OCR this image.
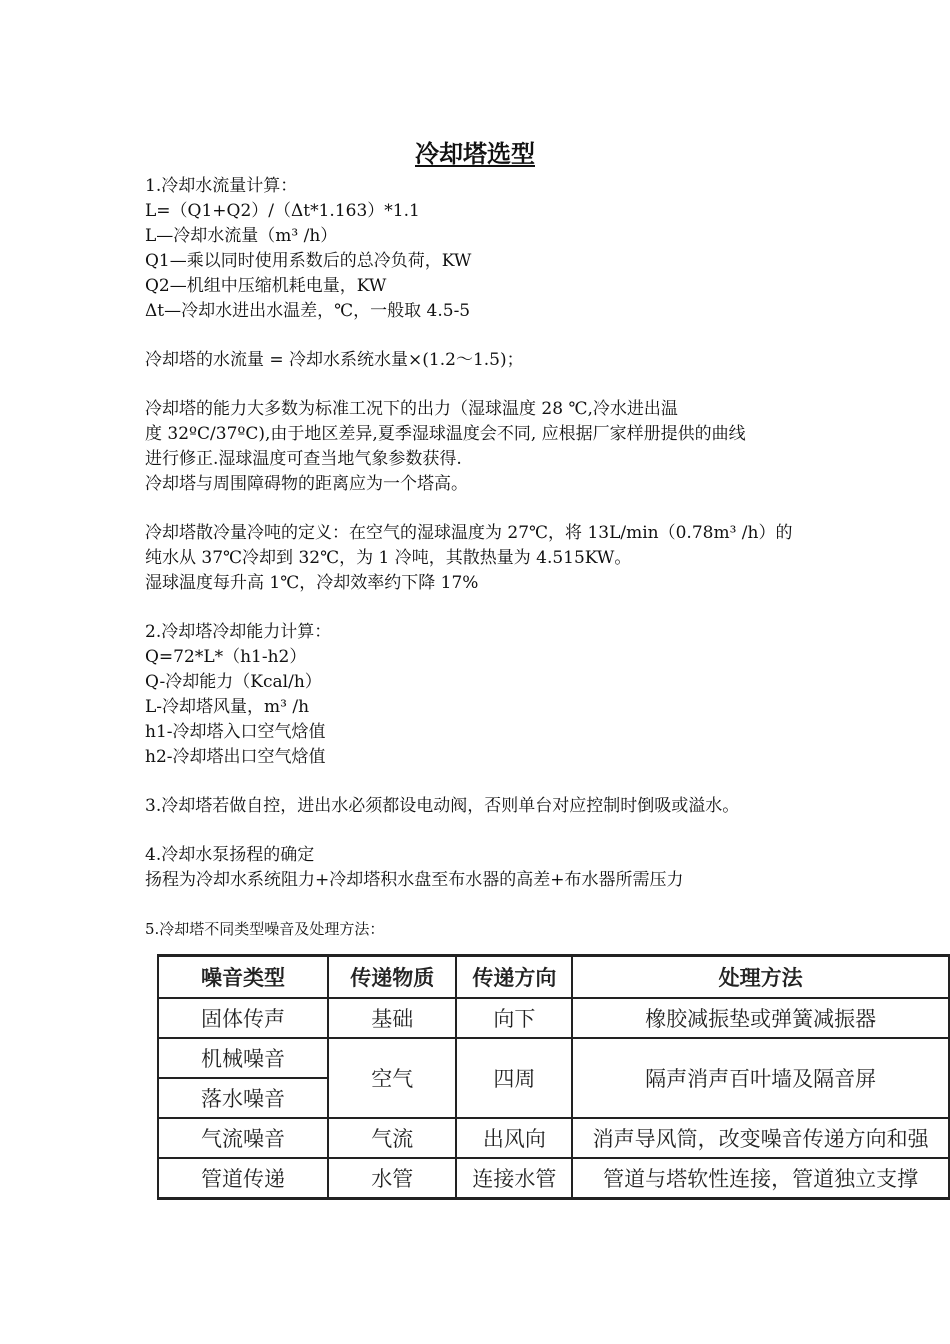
冷却塔选型
1.冷却水流量计算：
L=（Q1+Q2）/（Δt*1.163）*1.1
L—冷却水流量（m³ /h）
Q1—乘以同时使用系数后的总冷负荷，KW
Q2—机组中压缩机耗电量，KW
Δt—冷却水进出水温差，℃，一般取 4.5-5
冷却塔的水流量 = 冷却水系统水量×(1.2～1.5)；
冷却塔的能力大多数为标准工况下的出力（湿球温度 28 ℃,冷水进出温
度 32ºC/37ºC),由于地区差异,夏季湿球温度会不同, 应根据厂家样册提供的曲线
进行修正.湿球温度可查当地气象参数获得.
冷却塔与周围障碍物的距离应为一个塔高。
冷却塔散冷量冷吨的定义：在空气的湿球温度为 27℃，将 13L/min（0.78m³ /h）的
纯水从 37℃冷却到 32℃，为 1 冷吨，其散热量为 4.515KW。
湿球温度每升高 1℃，冷却效率约下降 17%
2.冷却塔冷却能力计算：
Q=72*L*（h1-h2）
Q-冷却能力（Kcal/h）
L-冷却塔风量，m³ /h
h1-冷却塔入口空气焓值
h2-冷却塔出口空气焓值
3.冷却塔若做自控，进出水必须都设电动阀，否则单台对应控制时倒吸或溢水。
4.冷却水泵扬程的确定
扬程为冷却水系统阻力+冷却塔积水盘至布水器的高差+布水器所需压力
5.冷却塔不同类型噪音及处理方法：
噪音类型	传递物质	传递方向	处理方法
固体传声	基础	向下	橡胶减振垫或弹簧减振器
机械噪音	空气	四周	隔声消声百叶墙及隔音屏
落水噪音			
气流噪音	气流	出风向	消声导风筒，改变噪音传递方向和强
管道传递	水管	连接水管	管道与塔软性连接，管道独立支撑
